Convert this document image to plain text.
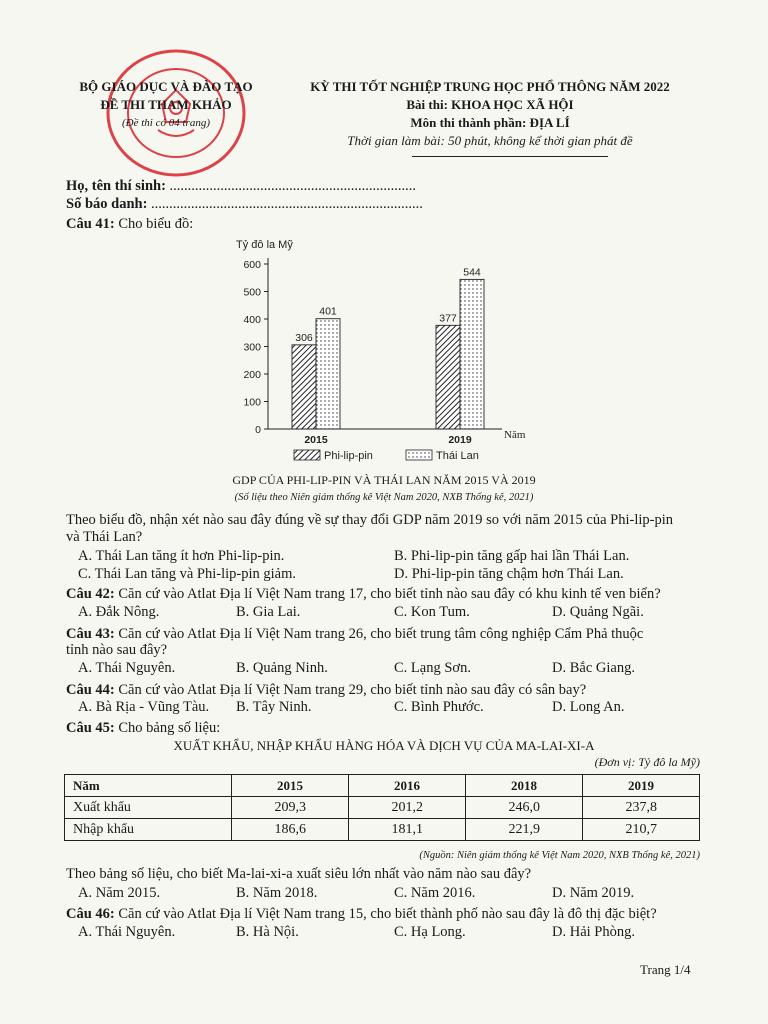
BỘ GIÁO DỤC VÀ ĐÀO TẠO
ĐỀ THI THAM KHẢO
(Đề thi có 04 trang)
KỲ THI TỐT NGHIỆP TRUNG HỌC PHỔ THÔNG NĂM 2022
Bài thi: KHOA HỌC XÃ HỘI
Môn thi thành phần: ĐỊA LÍ
Thời gian làm bài: 50 phút, không kể thời gian phát đề
Họ, tên thí sinh: ....................................................................
Số báo danh: ...........................................................................
Câu 41: Cho biểu đồ:
Tỷ đô la Mỹ
0
100
200
300
400
500
600
306
401
377
544
2015	2019	Năm
Phi-lip-pin	Thái Lan
GDP CỦA PHI-LIP-PIN VÀ THÁI LAN NĂM 2015 VÀ 2019
(Số liệu theo Niên giám thống kê Việt Nam 2020, NXB Thống kê, 2021)
Theo biểu đồ, nhận xét nào sau đây đúng về sự thay đổi GDP năm 2019 so với năm 2015 của Phi-lip-pin
và Thái Lan?
A. Thái Lan tăng ít hơn Phi-lip-pin.	B. Phi-lip-pin tăng gấp hai lần Thái Lan.
C. Thái Lan tăng và Phi-lip-pin giảm.	D. Phi-lip-pin tăng chậm hơn Thái Lan.
Câu 42: Căn cứ vào Atlat Địa lí Việt Nam trang 17, cho biết tỉnh nào sau đây có khu kinh tế ven biển?
A. Đắk Nông.	B. Gia Lai.	C. Kon Tum.	D. Quảng Ngãi.
Câu 43: Căn cứ vào Atlat Địa lí Việt Nam trang 26, cho biết trung tâm công nghiệp Cẩm Phả thuộc
tỉnh nào sau đây?
A. Thái Nguyên.	B. Quảng Ninh.	C. Lạng Sơn.	D. Bắc Giang.
Câu 44: Căn cứ vào Atlat Địa lí Việt Nam trang 29, cho biết tỉnh nào sau đây có sân bay?
A. Bà Rịa - Vũng Tàu. B. Tây Ninh.	C. Bình Phước.	D. Long An.
Câu 45: Cho bảng số liệu:
XUẤT KHẨU, NHẬP KHẨU HÀNG HÓA VÀ DỊCH VỤ CỦA MA-LAI-XI-A
(Đơn vị: Tỷ đô la Mỹ)
Năm	2015	2016	2018	2019
Xuất khẩu	209,3	201,2	246,0	237,8
Nhập khẩu	186,6	181,1	221,9	210,7
(Nguồn: Niên giám thống kê Việt Nam 2020, NXB Thống kê, 2021)
Theo bảng số liệu, cho biết Ma-lai-xi-a xuất siêu lớn nhất vào năm nào sau đây?
A. Năm 2015.	B. Năm 2018.	C. Năm 2016.	D. Năm 2019.
Câu 46: Căn cứ vào Atlat Địa lí Việt Nam trang 15, cho biết thành phố nào sau đây là đô thị đặc biệt?
A. Thái Nguyên.	B. Hà Nội.	C. Hạ Long.	D. Hải Phòng.
Trang 1/4
